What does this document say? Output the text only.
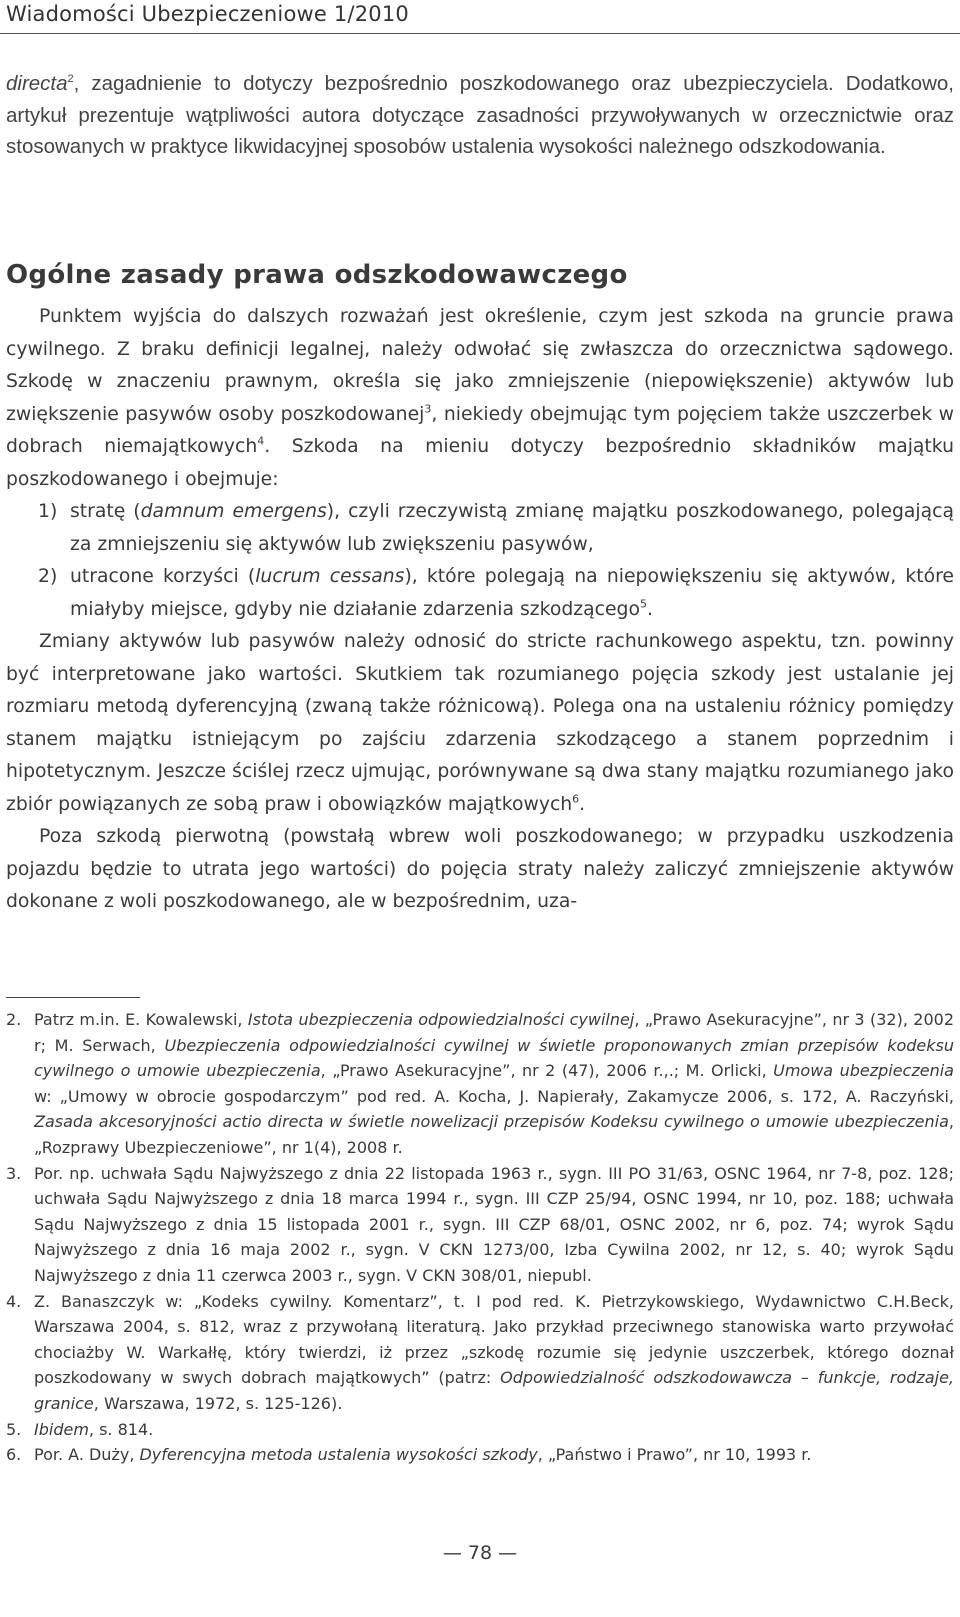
Wiadomości Ubezpieczeniowe 1/2010

directa$^2$, zagadnienie to dotyczy bezpośrednio poszkodowanego oraz ubezpieczyciela. Dodatkowo, artykuł prezentuje wątpliwości autora dotyczące zasadności przywoływanych w orzecznictwie oraz stosowanych w praktyce likwidacyjnej sposobów ustalenia wysokości należnego odszkodowania.

Ogólne zasady prawa odszkodowawczego

Punktem wyjścia do dalszych rozważań jest określenie, czym jest szkoda na gruncie prawa cywilnego. Z braku definicji legalnej, należy odwołać się zwłaszcza do orzecznictwa sądowego. Szkodę w znaczeniu prawnym, określa się jako zmniejszenie (niepowiększenie) aktywów lub zwiększenie pasywów osoby poszkodowanej$^3$, niekiedy obejmując tym pojęciem także uszczerbek w dobrach niemajątkowych$^4$. Szkoda na mieniu dotyczy bezpośrednio składników majątku poszkodowanego i obejmuje:

1) stratę (damnum emergens), czyli rzeczywistą zmianę majątku poszkodowanego, polegającą za zmniejszeniu się aktywów lub zwiększeniu pasywów,
2) utracone korzyści (lucrum cessans), które polegają na niepowiększeniu się aktywów, które miałyby miejsce, gdyby nie działanie zdarzenia szkodzącego$^5$.

Zmiany aktywów lub pasywów należy odnosić do stricte rachunkowego aspektu, tzn. powinny być interpretowane jako wartości. Skutkiem tak rozumianego pojęcia szkody jest ustalanie jej rozmiaru metodą dyferencyjną (zwaną także różnicową). Polega ona na ustaleniu różnicy pomiędzy stanem majątku istniejącym po zajściu zdarzenia szkodzącego a stanem poprzednim i hipotetycznym. Jeszcze ściślej rzecz ujmując, porównywane są dwa stany majątku rozumianego jako zbiór powiązanych ze sobą praw i obowiązków majątkowych$^6$.

Poza szkodą pierwotną (powstałą wbrew woli poszkodowanego; w przypadku uszkodzenia pojazdu będzie to utrata jego wartości) do pojęcia straty należy zaliczyć zmniejszenie aktywów dokonane z woli poszkodowanego, ale w bezpośrednim, uza-

2. Patrz m.in. E. Kowalewski, Istota ubezpieczenia odpowiedzialności cywilnej, „Prawo Asekuracyjne”, nr 3 (32), 2002 r; M. Serwach, Ubezpieczenia odpowiedzialności cywilnej w świetle proponowanych zmian przepisów kodeksu cywilnego o umowie ubezpieczenia, „Prawo Asekuracyjne”, nr 2 (47), 2006 r.,.; M. Orlicki, Umowa ubezpieczenia w: „Umowy w obrocie gospodarczym” pod red. A. Kocha, J. Napierały, Zakamycze 2006, s. 172, A. Raczyński, Zasada akcesoryjności actio directa w świetle nowelizacji przepisów Kodeksu cywilnego o umowie ubezpieczenia, „Rozprawy Ubezpieczeniowe”, nr 1(4), 2008 r.
3. Por. np. uchwała Sądu Najwyższego z dnia 22 listopada 1963 r., sygn. III PO 31/63, OSNC 1964, nr 7-8, poz. 128; uchwała Sądu Najwyższego z dnia 18 marca 1994 r., sygn. III CZP 25/94, OSNC 1994, nr 10, poz. 188; uchwała Sądu Najwyższego z dnia 15 listopada 2001 r., sygn. III CZP 68/01, OSNC 2002, nr 6, poz. 74; wyrok Sądu Najwyższego z dnia 16 maja 2002 r., sygn. V CKN 1273/00, Izba Cywilna 2002, nr 12, s. 40; wyrok Sądu Najwyższego z dnia 11 czerwca 2003 r., sygn. V CKN 308/01, niepubl.
4. Z. Banaszczyk w: „Kodeks cywilny. Komentarz”, t. I pod red. K. Pietrzykowskiego, Wydawnictwo C.H.Beck, Warszawa 2004, s. 812, wraz z przywołaną literaturą. Jako przykład przeciwnego stanowiska warto przywołać chociażby W. Warkałłę, który twierdzi, iż przez „szkodę rozumie się jedynie uszczerbek, którego doznał poszkodowany w swych dobrach majątkowych” (patrz: Odpowiedzialność odszkodowawcza – funkcje, rodzaje, granice, Warszawa, 1972, s. 125-126).
5. Ibidem, s. 814.
6. Por. A. Duży, Dyferencyjna metoda ustalenia wysokości szkody, „Państwo i Prawo”, nr 10, 1993 r.
— 78 —
